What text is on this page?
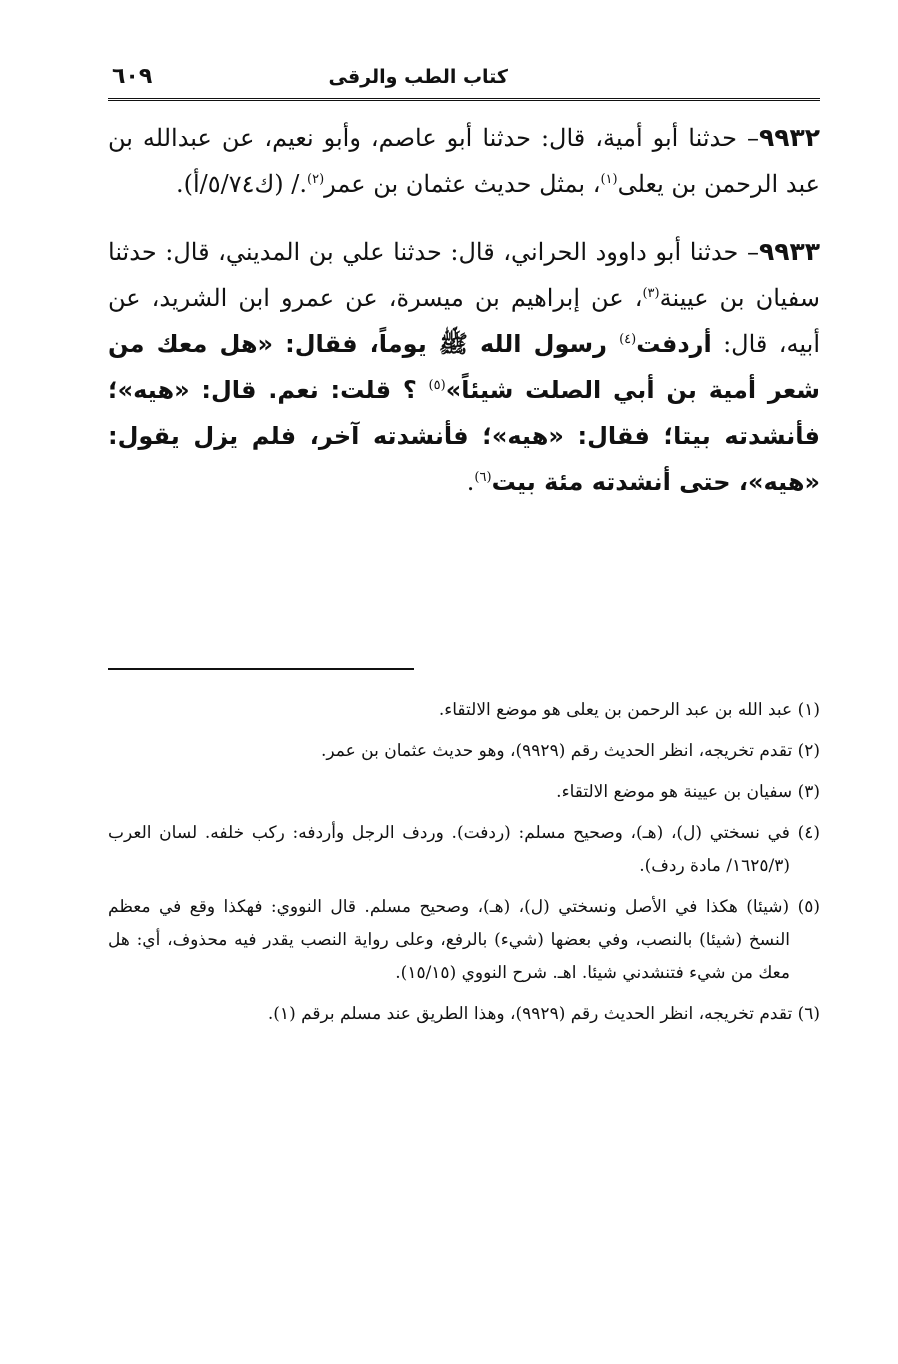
كتاب الطب والرقى
٦٠٩

٩٩٣٢– حدثنا أبو أمية، قال: حدثنا أبو عاصم، وأبو نعيم، عن عبدالله بن عبد الرحمن بن يعلى$^{(١)}$، بمثل حديث عثمان بن عمر$^{(٢)}$./ (ك٥/٧٤/أ).

٩٩٣٣– حدثنا أبو داوود الحراني، قال: حدثنا علي بن المديني، قال: حدثنا سفيان بن عيينة$^{(٣)}$، عن إبراهيم بن ميسرة، عن عمرو ابن الشريد، عن أبيه، قال: أردفت$^{(٤)}$ رسول الله ﷺ يوماً، فقال: «هل معك من شعر أمية بن أبي الصلت شيئاً»$^{(٥)}$ ؟ قلت: نعم. قال: «هيه»؛ فأنشدته بيتا؛ فقال: «هيه»؛ فأنشدته آخر، فلم يزل يقول: «هيه»، حتى أنشدته مئة بيت$^{(٦)}$.

(١) عبد الله بن عبد الرحمن بن يعلى هو موضع الالتقاء.

(٢) تقدم تخريجه، انظر الحديث رقم (٩٩٢٩)، وهو حديث عثمان بن عمر.

(٣) سفيان بن عيينة هو موضع الالتقاء.

(٤) في نسختي (ل)، (هـ)، وصحيح مسلم: (ردفت). وردف الرجل وأردفه: ركب خلفه. لسان العرب (١٦٢٥/٣/ مادة ردف).

(٥) (شيئا) هكذا في الأصل ونسختي (ل)، (هـ)، وصحيح مسلم. قال النووي: فهكذا وقع في معظم النسخ (شيئا) بالنصب، وفي بعضها (شيء) بالرفع، وعلى رواية النصب يقدر فيه محذوف، أي: هل معك من شيء فتنشدني شيئا. اهـ. شرح النووي (١٥/١٥).

(٦) تقدم تخريجه، انظر الحديث رقم (٩٩٢٩)، وهذا الطريق عند مسلم برقم (١).
